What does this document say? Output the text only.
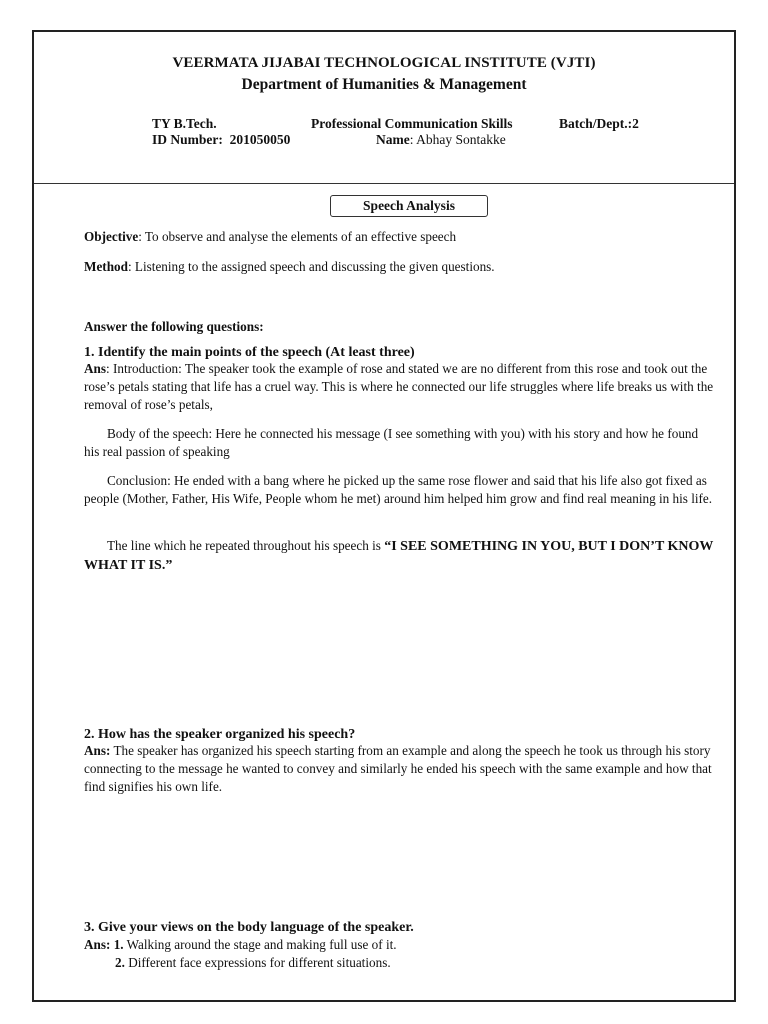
VEERMATA JIJABAI TECHNOLOGICAL INSTITUTE (VJTI)
Department of Humanities & Management
TY B.Tech.	Professional Communication Skills	Batch/Dept.:2
ID Number: 201050050	Name: Abhay Sontakke
Speech Analysis
Objective: To observe and analyse the elements of an effective speech
Method: Listening to the assigned speech and discussing the given questions.
Answer the following questions:
1. Identify the main points of the speech (At least three)
Ans: Introduction: The speaker took the example of rose and stated we are no different from this rose and took out the rose’s petals stating that life has a cruel way. This is where he connected our life struggles where life breaks us with the removal of rose’s petals,
Body of the speech: Here he connected his message (I see something with you) with his story and how he found his real passion of speaking
Conclusion: He ended with a bang where he picked up the same rose flower and said that his life also got fixed as people (Mother, Father, His Wife, People whom he met) around him helped him grow and find real meaning in his life.
The line which he repeated throughout his speech is “I SEE SOMETHING IN YOU, BUT I DON’T KNOW WHAT IT IS.”
2. How has the speaker organized his speech?
Ans: The speaker has organized his speech starting from an example and along the speech he took us through his story connecting to the message he wanted to convey and similarly he ended his speech with the same example and how that find signifies his own life.
3. Give your views on the body language of the speaker.
Ans: 1. Walking around the stage and making full use of it.
2. Different face expressions for different situations.
